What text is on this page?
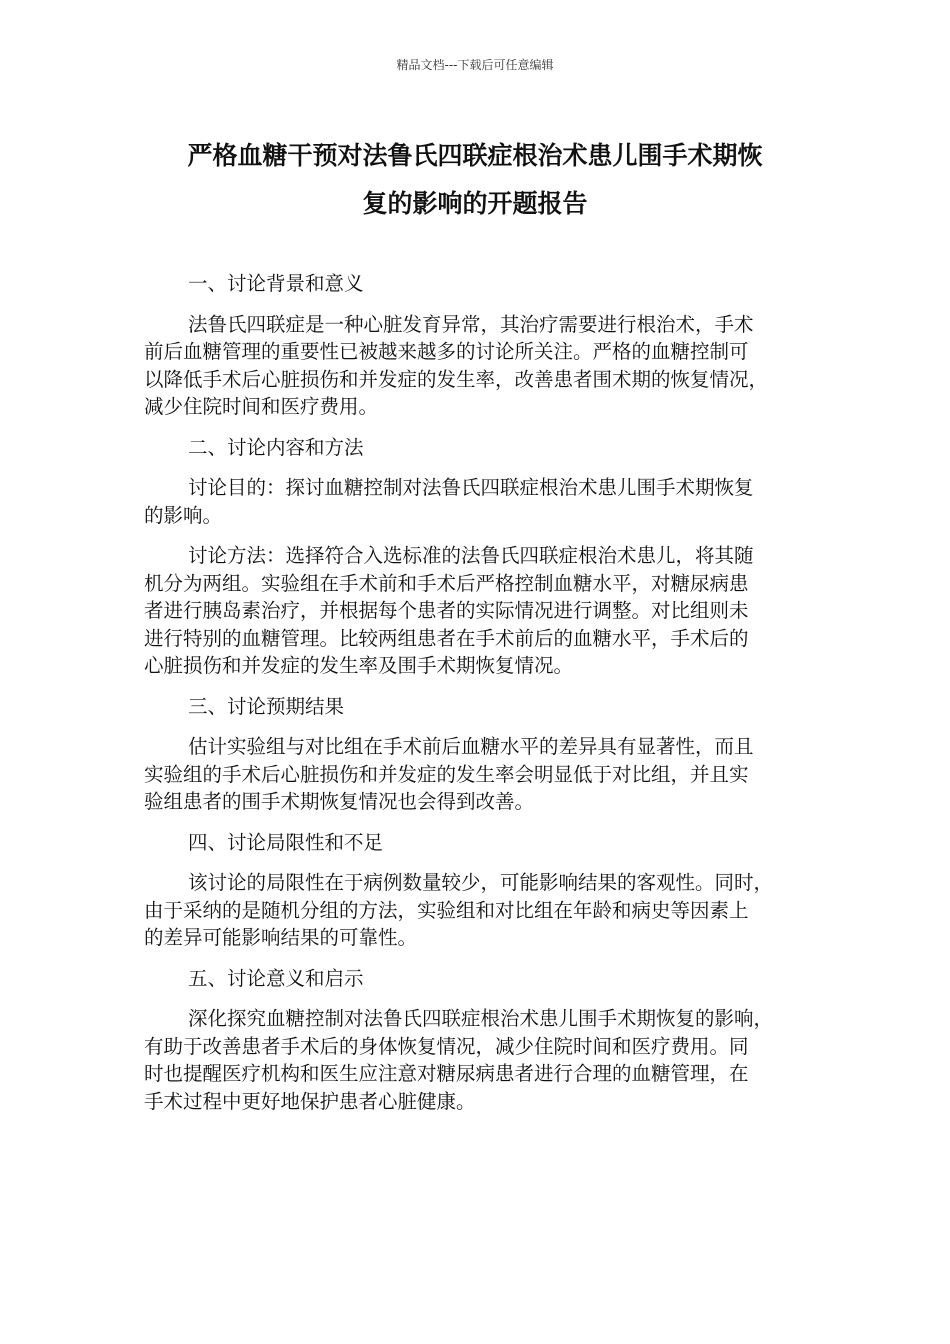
精品文档---下载后可任意编辑
严格血糖干预对法鲁氏四联症根治术患儿围手术期恢
复的影响的开题报告
一、讨论背景和意义
法鲁氏四联症是一种心脏发育异常，其治疗需要进行根治术，手术
前后血糖管理的重要性已被越来越多的讨论所关注。严格的血糖控制可
以降低手术后心脏损伤和并发症的发生率，改善患者围术期的恢复情况，
减少住院时间和医疗费用。
二、讨论内容和方法
讨论目的：探讨血糖控制对法鲁氏四联症根治术患儿围手术期恢复
的影响。
讨论方法：选择符合入选标准的法鲁氏四联症根治术患儿，将其随
机分为两组。实验组在手术前和手术后严格控制血糖水平，对糖尿病患
者进行胰岛素治疗，并根据每个患者的实际情况进行调整。对比组则未
进行特别的血糖管理。比较两组患者在手术前后的血糖水平，手术后的
心脏损伤和并发症的发生率及围手术期恢复情况。
三、讨论预期结果
估计实验组与对比组在手术前后血糖水平的差异具有显著性，而且
实验组的手术后心脏损伤和并发症的发生率会明显低于对比组，并且实
验组患者的围手术期恢复情况也会得到改善。
四、讨论局限性和不足
该讨论的局限性在于病例数量较少，可能影响结果的客观性。同时，
由于采纳的是随机分组的方法，实验组和对比组在年龄和病史等因素上
的差异可能影响结果的可靠性。
五、讨论意义和启示
深化探究血糖控制对法鲁氏四联症根治术患儿围手术期恢复的影响，
有助于改善患者手术后的身体恢复情况，减少住院时间和医疗费用。同
时也提醒医疗机构和医生应注意对糖尿病患者进行合理的血糖管理，在
手术过程中更好地保护患者心脏健康。
